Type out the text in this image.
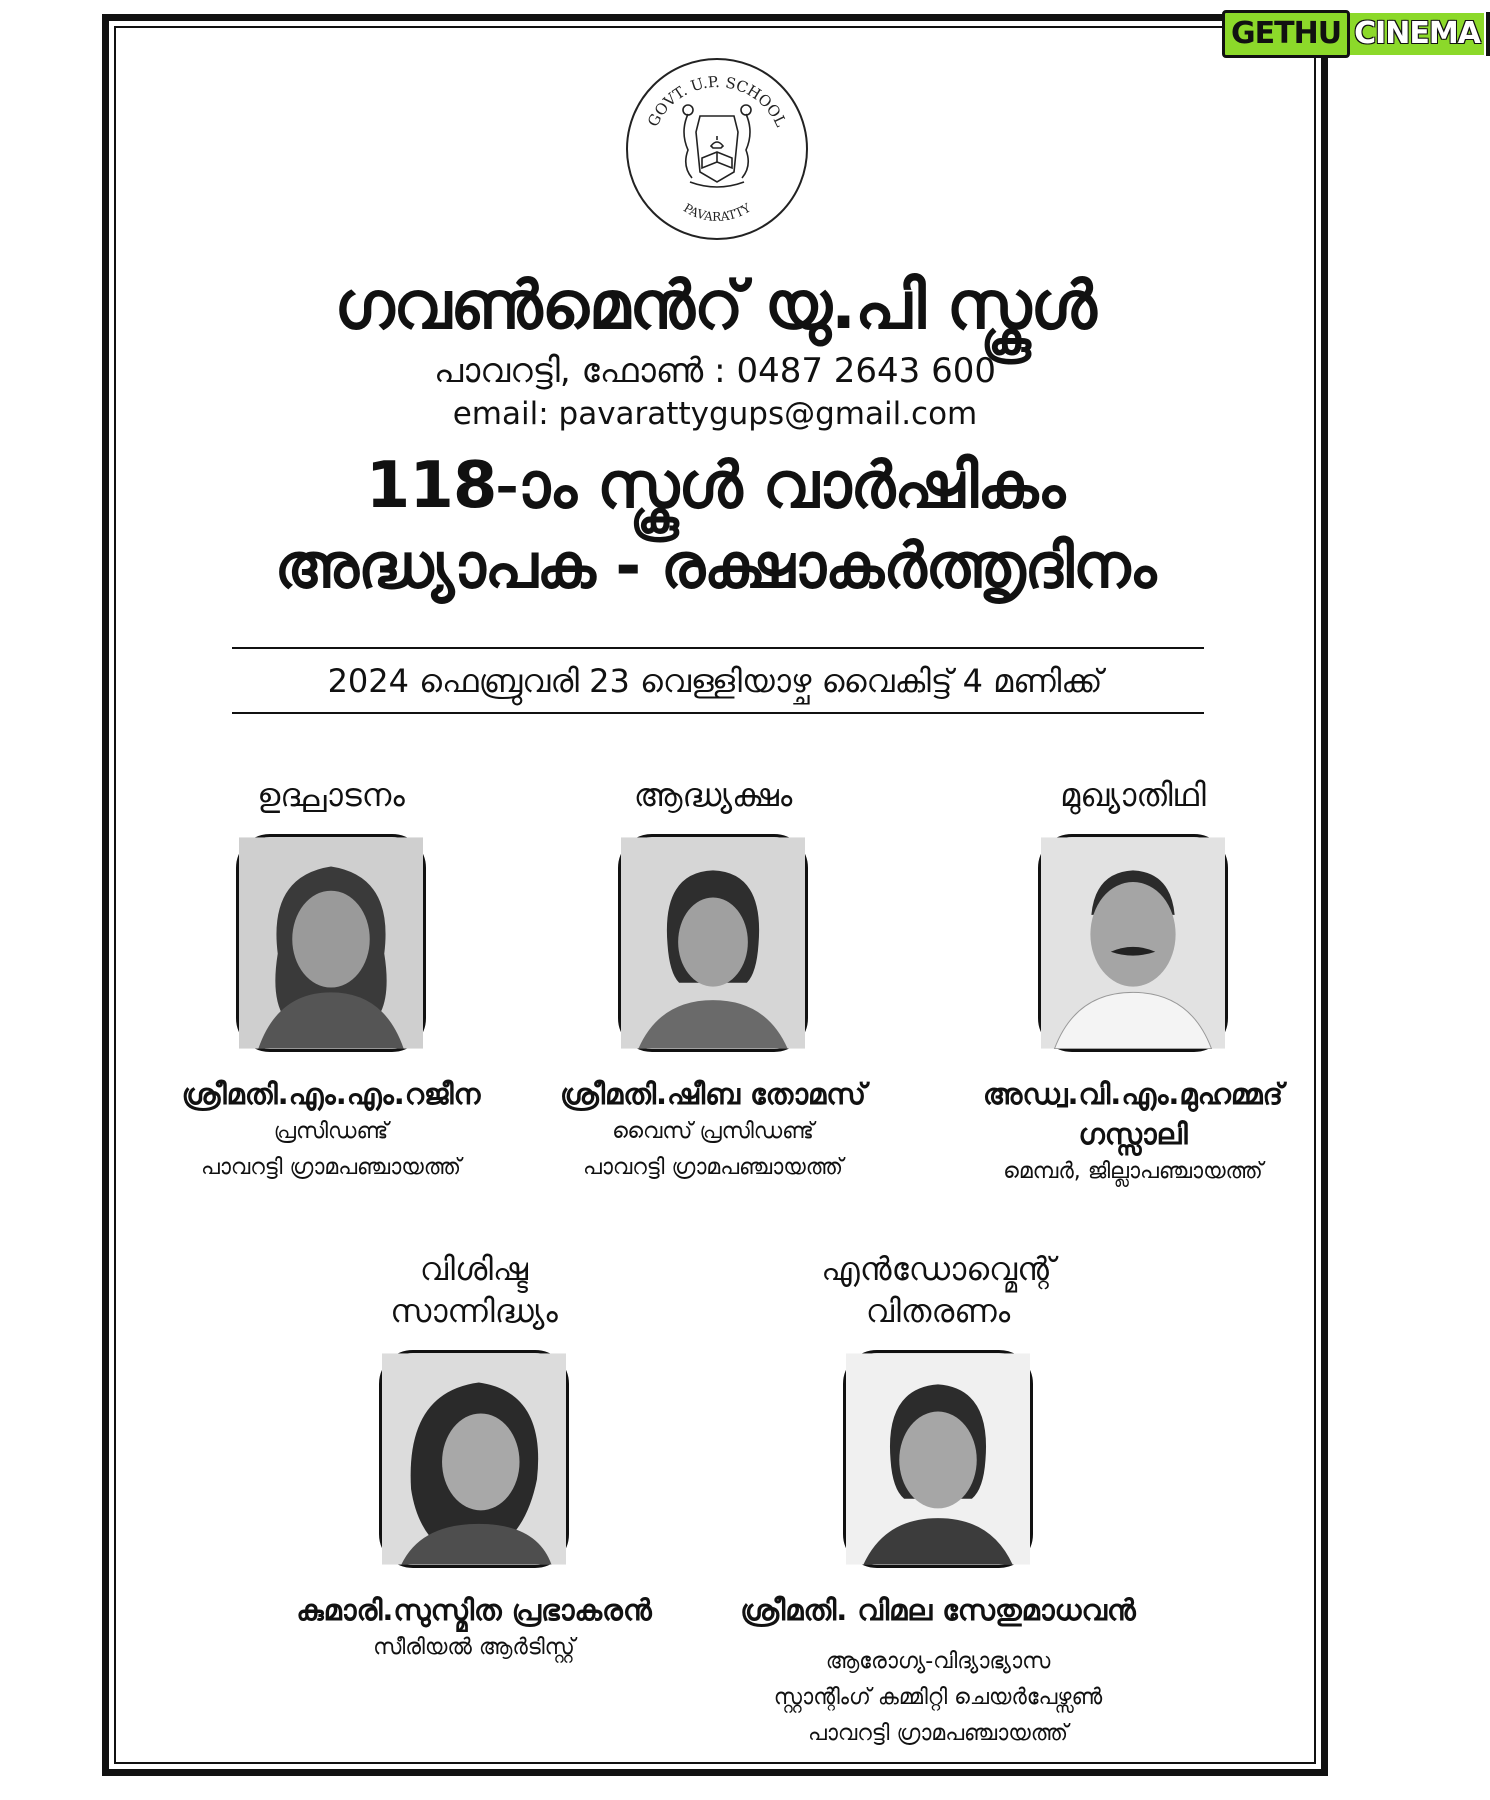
GETHU CINEMA
GOVT. U.P. SCHOOL
PAVARATTY
ഗവൺമെൻറ് യു.പി സ്കൂൾ
പാവറട്ടി, ഫോൺ : 0487 2643 600
email: pavarattygups@gmail.com
118-ാം സ്കൂൾ വാർഷികം
അദ്ധ്യാപക - രക്ഷാകർത്തൃദിനം
2024 ഫെബ്രുവരി 23 വെള്ളിയാഴ്ച വൈകിട്ട് 4 മണിക്ക്
ഉദ്ഘാടനം
ശ്രീമതി.എം.എം.റജീന
പ്രസിഡണ്ട്
പാവറട്ടി ഗ്രാമപഞ്ചായത്ത്
ആദ്ധ്യക്ഷം
ശ്രീമതി.ഷീബ തോമസ്
വൈസ് പ്രസിഡണ്ട്
പാവറട്ടി ഗ്രാമപഞ്ചായത്ത്
മുഖ്യാതിഥി
അഡ്വ.വി.എം.മുഹമ്മദ്
ഗസ്സാലി
മെമ്പർ, ജില്ലാപഞ്ചായത്ത്
വിശിഷ്ട
സാന്നിദ്ധ്യം
കുമാരി.സുസ്മിത പ്രഭാകരൻ
സീരിയൽ ആർടിസ്റ്റ്
എൻഡോവ്മെന്റ്
വിതരണം
ശ്രീമതി. വിമല സേതുമാധവൻ
ആരോഗ്യ-വിദ്യാഭ്യാസ
സ്റ്റാന്റിംഗ് കമ്മിറ്റി ചെയർപേഴ്സൺ
പാവറട്ടി ഗ്രാമപഞ്ചായത്ത്
